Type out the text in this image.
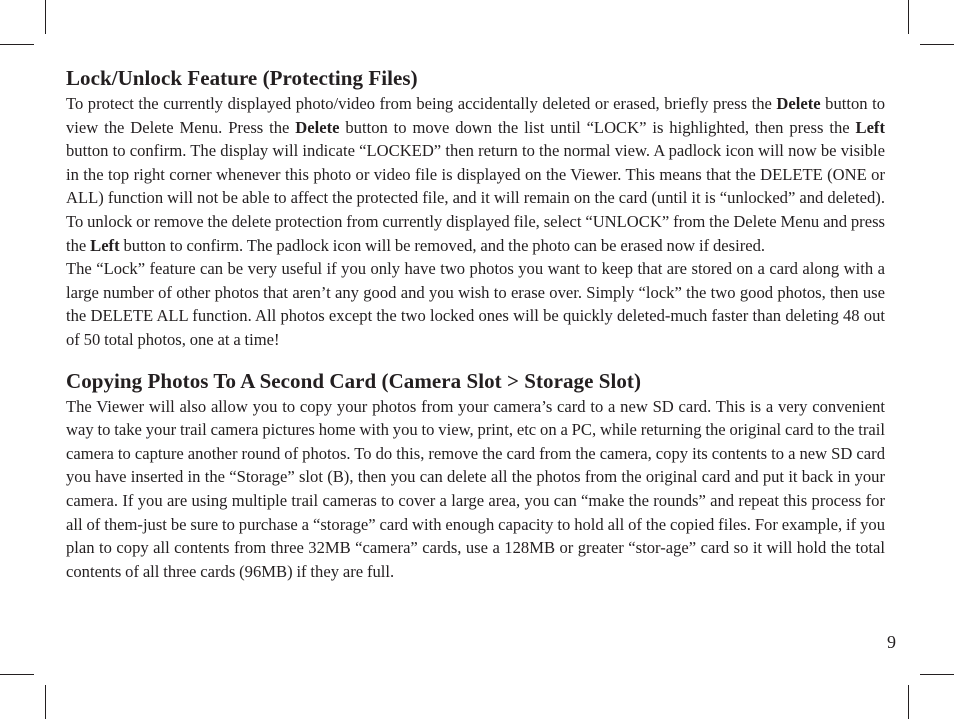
Lock/Unlock Feature (Protecting Files)

To protect the currently displayed photo/video from being accidentally deleted or erased, briefly press the Delete button to view the Delete Menu. Press the Delete button to move down the list until “LOCK” is highlighted, then press the Left button to confirm. The display will indicate “LOCKED” then return to the normal view. A padlock icon will now be visible in the top right corner whenever this photo or video file is displayed on the Viewer. This means that the DELETE (ONE or ALL) function will not be able to affect the protected file, and it will remain on the card (until it is “unlocked” and deleted). To unlock or remove the delete protection from currently displayed file, select “UNLOCK” from the Delete Menu and press the Left button to confirm. The padlock icon will be removed, and the photo can be erased now if desired.

The “Lock” feature can be very useful if you only have two photos you want to keep that are stored on a card along with a large number of other photos that aren’t any good and you wish to erase over. Simply “lock” the two good photos, then use the DELETE ALL function. All photos except the two locked ones will be quickly deleted-much faster than deleting 48 out of 50 total photos, one at a time!

Copying Photos To A Second Card (Camera Slot > Storage Slot)

The Viewer will also allow you to copy your photos from your camera’s card to a new SD card. This is a very convenient way to take your trail camera pictures home with you to view, print, etc on a PC, while returning the original card to the trail camera to capture another round of photos. To do this, remove the card from the camera, copy its contents to a new SD card you have inserted in the “Storage” slot (B), then you can delete all the photos from the original card and put it back in your camera. If you are using multiple trail cameras to cover a large area, you can “make the rounds” and repeat this process for all of them-just be sure to purchase a “storage” card with enough capacity to hold all of the copied files. For example, if you plan to copy all contents from three 32MB “camera” cards, use a 128MB or greater “stor-age” card so it will hold the total contents of all three cards (96MB) if they are full.

9
